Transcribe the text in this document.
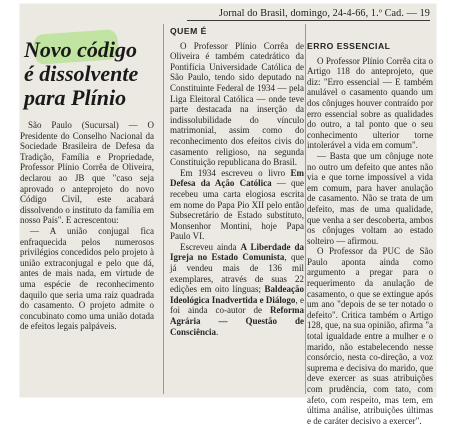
Jornal do Brasil, domingo, 24-4-66, 1.º Cad. — 19
Novo código
é dissolvente
para Plínio

São Paulo (Sucursal) — O Presidente do Conselho Nacional da Sociedade Brasileira de Defesa da Tradição, Família e Propriedade, Professor Plínio Corrêa de Oliveira, declarou ao JB que "caso seja aprovado o anteprojeto do novo Código Civil, este acabará dissolvendo o instituto da família em nosso País". E acrescentou:

— A união conjugal fica enfraquecida pelos numerosos privilégios concedidos pelo projeto à união extraconjugal e pelo que dá, antes de mais nada, em virtude de uma espécie de reconhecimento daquilo que seria uma raiz quadrada do casamento. O projeto admite o concubinato como uma união dotada de efeitos legais palpáveis.

QUEM É

O Professor Plínio Corrêa de Oliveira é também catedrático da Pontifícia Universidade Católica de São Paulo, tendo sido deputado na Constituinte Federal de 1934 — pela Liga Eleitoral Católica — onde teve parte destacada na inserção da indissolubilidade do vínculo matrimonial, assim como do reconhecimento dos efeitos civis do casamento religioso, na segunda Constituição republicana do Brasil.

Em 1934 escreveu o livro Em Defesa da Ação Católica — que recebeu uma carta elogiosa escrita em nome do Papa Pio XII pelo então Subsecretário de Estado substituto, Monsenhor Montini, hoje Papa Paulo VI.

Escreveu ainda A Liberdade da Igreja no Estado Comunista, que já vendeu mais de 136 mil exemplares, através de suas 22 edições em oito línguas; Baldeação Ideológica Inadvertida e Diálogo, e foi ainda co-autor de Reforma Agrária — Questão de Consciência.

ERRO ESSENCIAL

O Professor Plínio Corrêa cita o Artigo 118 do anteprojeto, que diz: "Erro essencial — E também anulável o casamento quando um dos cônjuges houver contraído por erro essencial sobre as qualidades do outro, a tal ponto que o seu conhecimento ulterior torne intolerável a vida em comum".

— Basta que um cônjuge note no outro um defeito que antes não via e que torne impossível a vida em comum, para haver anulação de casamento. Não se trata de um defeito, mas de uma qualidade, que venha a ser descoberta, ambos os cônjuges voltam ao estado solteiro — afirmou.

O Professor da PUC de São Paulo aponta ainda como argumento a pregar para o requerimento da anulação de casamento, o que se extingue após um ano "depois de se ter notado o defeito". Critica também o Artigo 128, que, na sua opinião, afirma "a total igualdade entre a mulher e o marido, não estabelecendo nesse consórcio, nesta co-direção, a voz suprema e decisiva do marido, que deve exercer as suas atribuições com prudência, com tato, com afeto, com respeito, mas tem, em última análise, atribuições últimas e de caráter decisivo a exercer".
